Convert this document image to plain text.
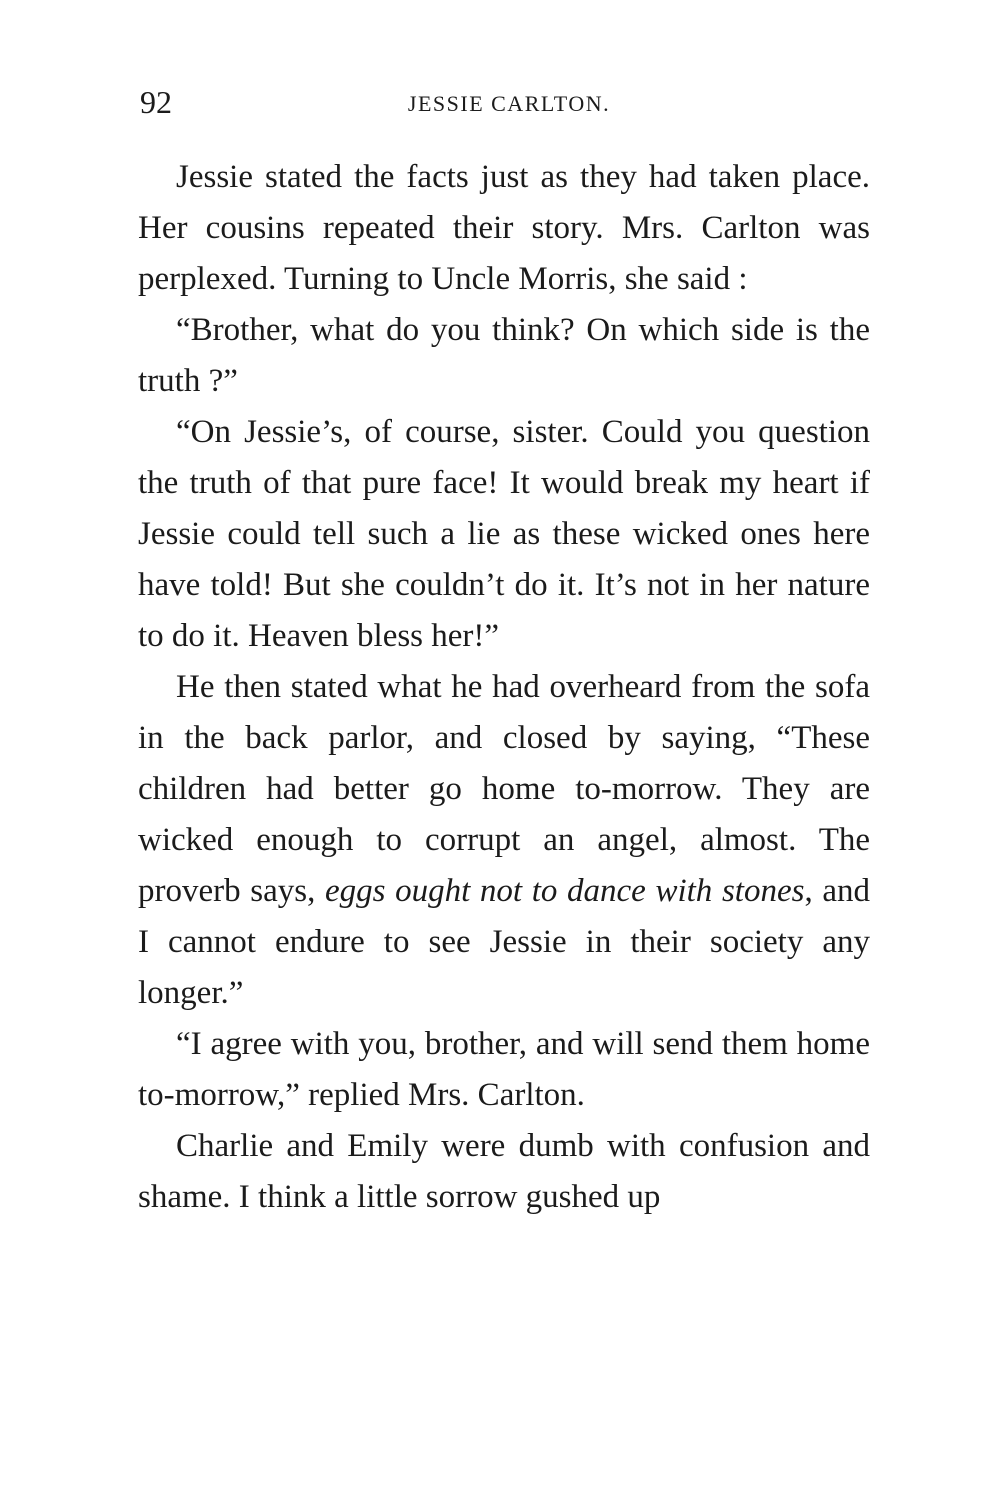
92	JESSIE CARLTON.

Jessie stated the facts just as they had taken place. Her cousins repeated their story. Mrs. Carlton was perplexed. Turning to Uncle Morris, she said :

“Brother, what do you think? On which side is the truth ?”

“On Jessie’s, of course, sister. Could you question the truth of that pure face! It would break my heart if Jessie could tell such a lie as these wicked ones here have told! But she couldn’t do it. It’s not in her nature to do it. Heaven bless her!”

He then stated what he had overheard from the sofa in the back parlor, and closed by saying, “These children had better go home to-morrow. They are wicked enough to corrupt an angel, almost. The proverb says, eggs ought not to dance with stones, and I cannot endure to see Jessie in their society any longer.”

“I agree with you, brother, and will send them home to-morrow,” replied Mrs. Carlton.

Charlie and Emily were dumb with confusion and shame. I think a little sorrow gushed up
